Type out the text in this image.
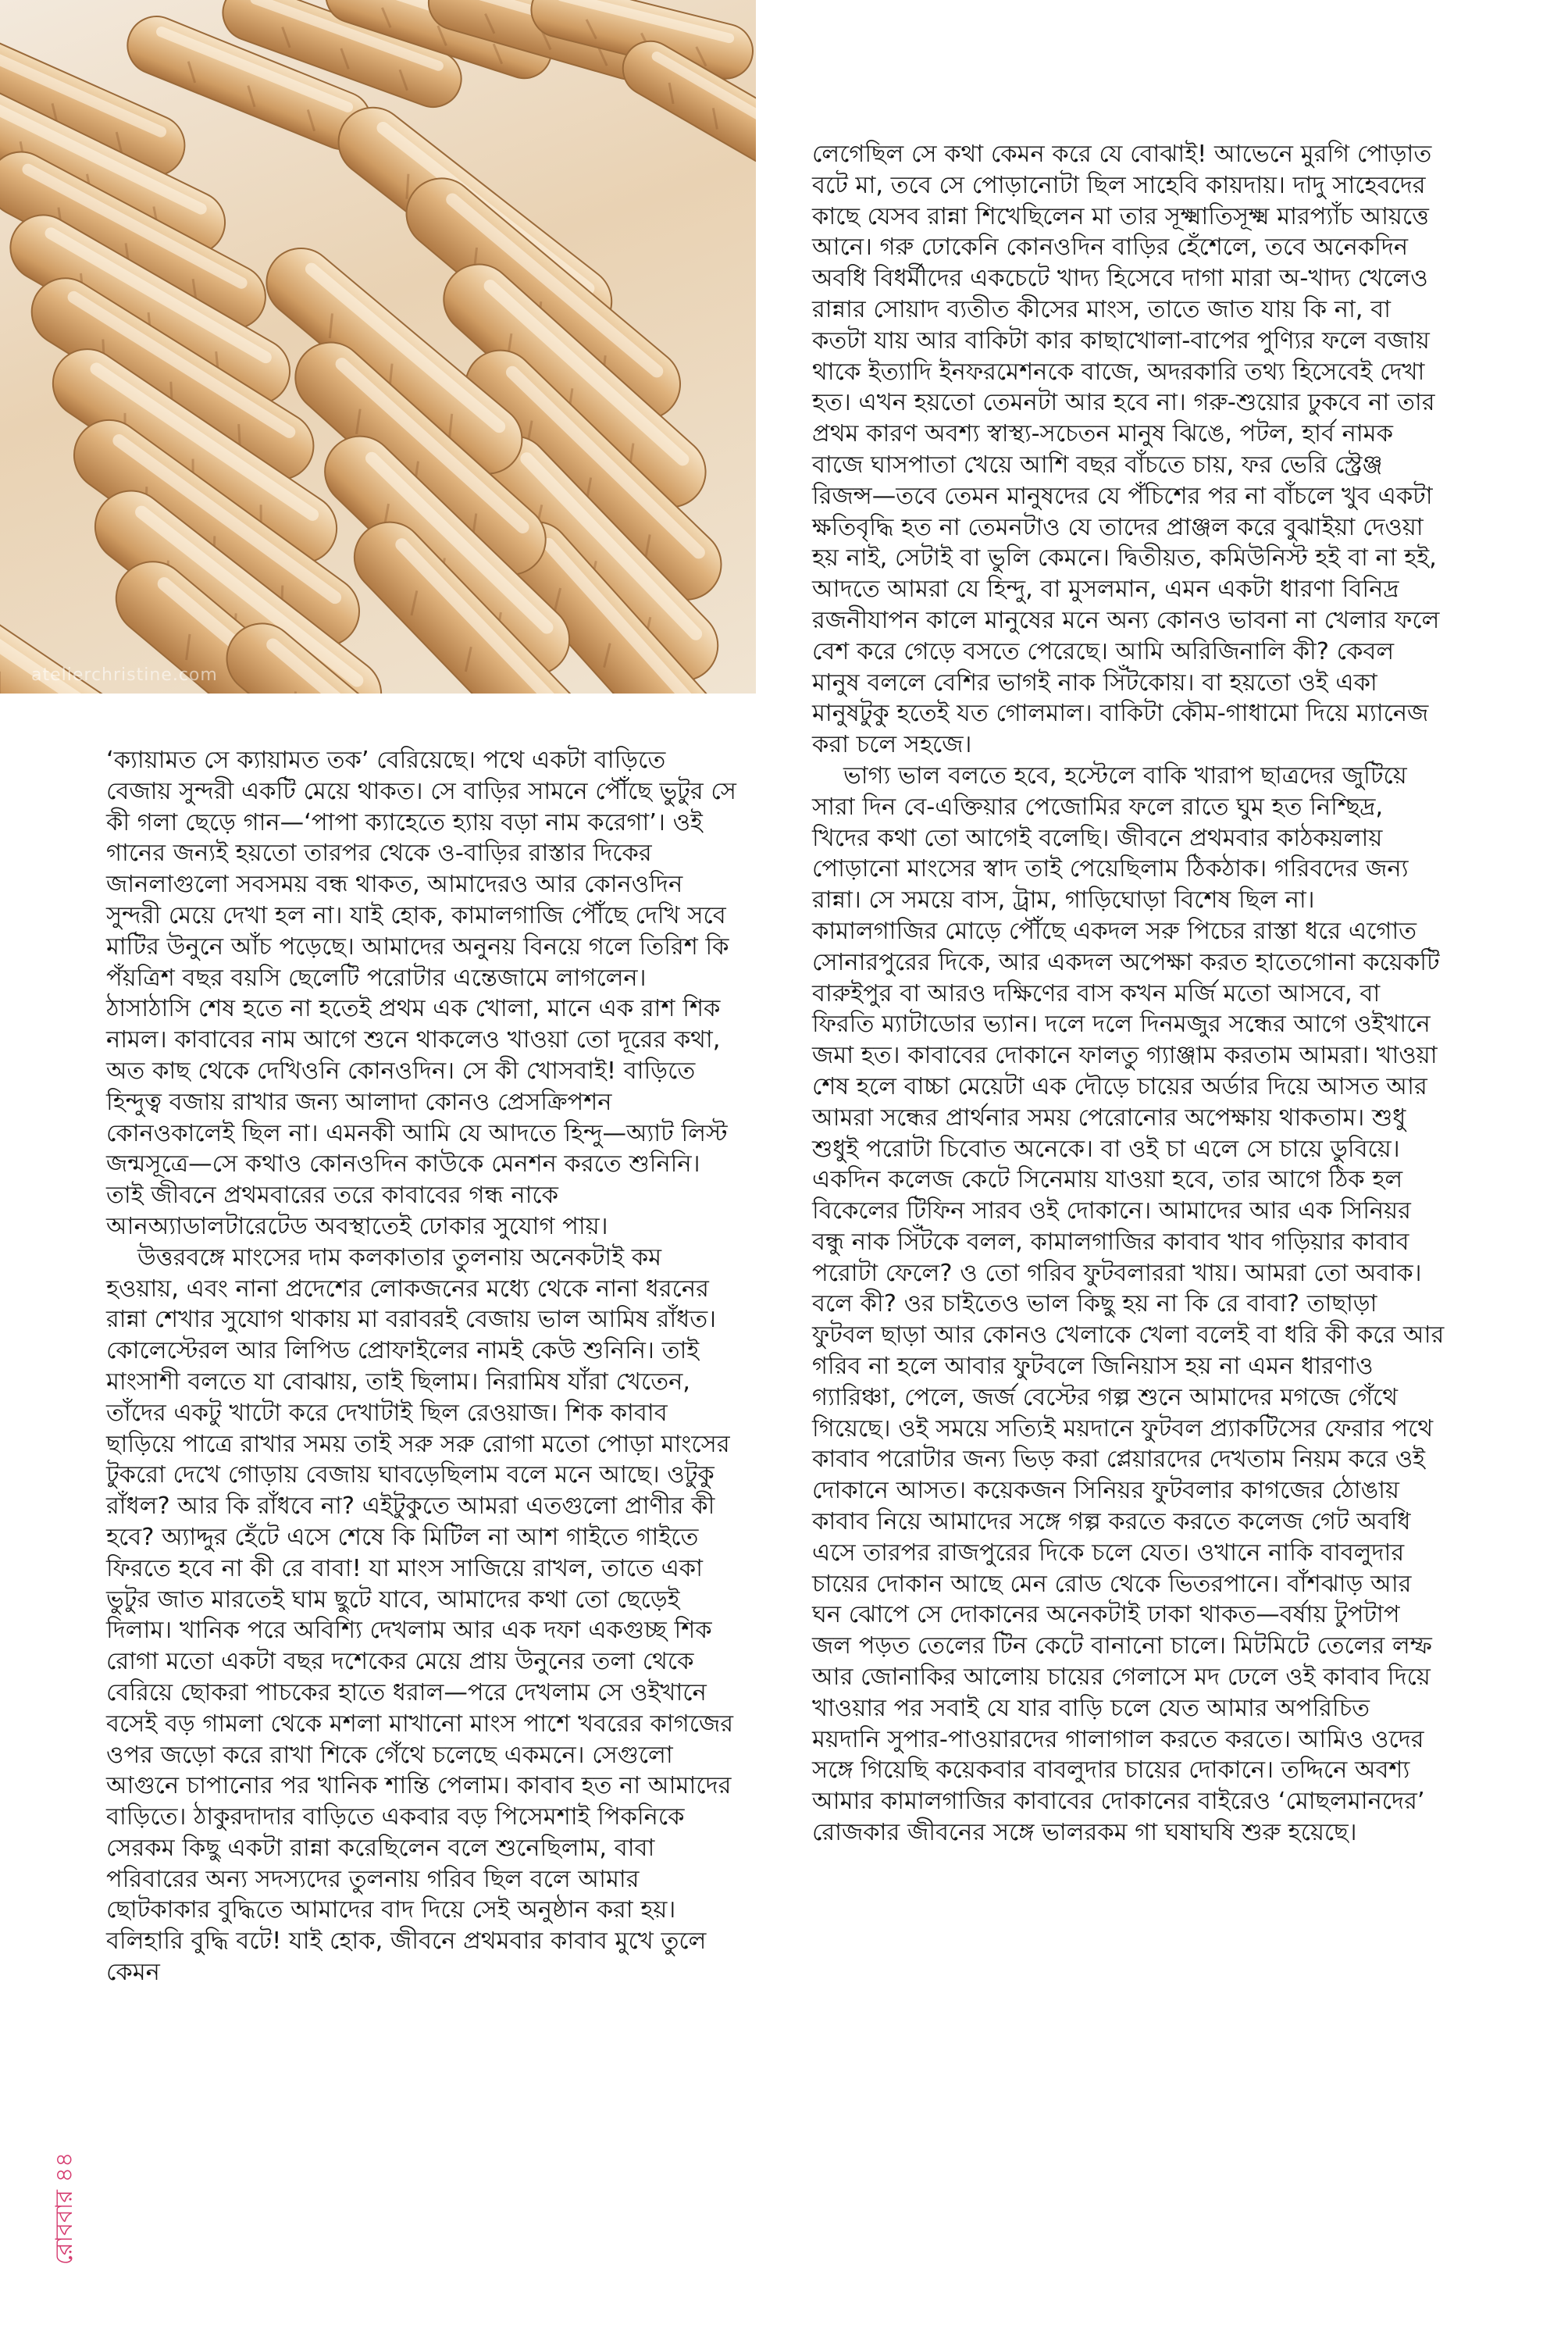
atelierchristine.com

‘ক্যায়ামত সে ক্যায়ামত তক’ বেরিয়েছে। পথে একটা বাড়িতে বেজায় সুন্দরী একটি মেয়ে থাকত। সে বাড়ির সামনে পৌঁছে ভুটুর সে কী গলা ছেড়ে গান—‘পাপা ক্যাহেতে হ্যায় বড়া নাম করেগা’। ওই গানের জন্যই হয়তো তারপর থেকে ও-বাড়ির রাস্তার দিকের জানলাগুলো সবসময় বন্ধ থাকত, আমাদেরও আর কোনওদিন সুন্দরী মেয়ে দেখা হল না। যাই হোক, কামালগাজি পৌঁছে দেখি সবে মাটির উনুনে আঁচ পড়েছে। আমাদের অনুনয় বিনয়ে গলে তিরিশ কি পঁয়ত্রিশ বছর বয়সি ছেলেটি পরোটার এন্তেজামে লাগলেন। ঠাসাঠাসি শেষ হতে না হতেই প্রথম এক খোলা, মানে এক রাশ শিক নামল। কাবাবের নাম আগে শুনে থাকলেও খাওয়া তো দূরের কথা, অত কাছ থেকে দেখিওনি কোনওদিন। সে কী খোসবাই! বাড়িতে হিন্দুত্ব বজায় রাখার জন্য আলাদা কোনও প্রেসক্রিপশন কোনওকালেই ছিল না। এমনকী আমি যে আদতে হিন্দু—অ্যাট লিস্ট জন্মসূত্রে—সে কথাও কোনওদিন কাউকে মেনশন করতে শুনিনি। তাই জীবনে প্রথমবারের তরে কাবাবের গন্ধ নাকে আনঅ্যাডালটারেটেড অবস্থাতেই ঢোকার সুযোগ পায়।

উত্তরবঙ্গে মাংসের দাম কলকাতার তুলনায় অনেকটাই কম হওয়ায়, এবং নানা প্রদেশের লোকজনের মধ্যে থেকে নানা ধরনের রান্না শেখার সুযোগ থাকায় মা বরাবরই বেজায় ভাল আমিষ রাঁধত। কোলেস্টেরল আর লিপিড প্রোফাইলের নামই কেউ শুনিনি। তাই মাংসাশী বলতে যা বোঝায়, তাই ছিলাম। নিরামিষ যাঁরা খেতেন, তাঁদের একটু খাটো করে দেখাটাই ছিল রেওয়াজ। শিক কাবাব ছাড়িয়ে পাত্রে রাখার সময় তাই সরু সরু রোগা মতো পোড়া মাংসের টুকরো দেখে গোড়ায় বেজায় ঘাবড়েছিলাম বলে মনে আছে। ওটুকু রাঁধল? আর কি রাঁধবে না? এইটুকুতে আমরা এতগুলো প্রাণীর কী হবে? অ্যাদ্দুর হেঁটে এসে শেষে কি মিটিল না আশ গাইতে গাইতে ফিরতে হবে না কী রে বাবা! যা মাংস সাজিয়ে রাখল, তাতে একা ভুটুর জাত মারতেই ঘাম ছুটে যাবে, আমাদের কথা তো ছেড়েই দিলাম। খানিক পরে অবিশ্যি দেখলাম আর এক দফা একগুচ্ছ শিক রোগা মতো একটা বছর দশেকের মেয়ে প্রায় উনুনের তলা থেকে বেরিয়ে ছোকরা পাচকের হাতে ধরাল—পরে দেখলাম সে ওইখানে বসেই বড় গামলা থেকে মশলা মাখানো মাংস পাশে খবরের কাগজের ওপর জড়ো করে রাখা শিকে গেঁথে চলেছে একমনে। সেগুলো আগুনে চাপানোর পর খানিক শান্তি পেলাম। কাবাব হত না আমাদের বাড়িতে। ঠাকুরদাদার বাড়িতে একবার বড় পিসেমশাই পিকনিকে সেরকম কিছু একটা রান্না করেছিলেন বলে শুনেছিলাম, বাবা পরিবারের অন্য সদস্যদের তুলনায় গরিব ছিল বলে আমার ছোটকাকার বুদ্ধিতে আমাদের বাদ দিয়ে সেই অনুষ্ঠান করা হয়। বলিহারি বুদ্ধি বটে! যাই হোক, জীবনে প্রথমবার কাবাব মুখে তুলে কেমন

লেগেছিল সে কথা কেমন করে যে বোঝাই! আভেনে মুরগি পোড়াত বটে মা, তবে সে পোড়ানোটা ছিল সাহেবি কায়দায়। দাদু সাহেবদের কাছে যেসব রান্না শিখেছিলেন মা তার সূক্ষ্মাতিসূক্ষ্ম মারপ্যাঁচ আয়ত্তে আনে। গরু ঢোকেনি কোনওদিন বাড়ির হেঁশেলে, তবে অনেকদিন অবধি বিধর্মীদের একচেটে খাদ্য হিসেবে দাগা মারা অ-খাদ্য খেলেও রান্নার সোয়াদ ব্যতীত কীসের মাংস, তাতে জাত যায় কি না, বা কতটা যায় আর বাকিটা কার কাছাখোলা-বাপের পুণ্যির ফলে বজায় থাকে ইত্যাদি ইনফরমেশনকে বাজে, অদরকারি তথ্য হিসেবেই দেখা হত। এখন হয়তো তেমনটা আর হবে না। গরু-শুয়োর ঢুকবে না তার প্রথম কারণ অবশ্য স্বাস্থ্য-সচেতন মানুষ ঝিঙে, পটল, হার্ব নামক বাজে ঘাসপাতা খেয়ে আশি বছর বাঁচতে চায়, ফর ভেরি স্ট্রেঞ্জ রিজন্স—তবে তেমন মানুষদের যে পঁচিশের পর না বাঁচলে খুব একটা ক্ষতিবৃদ্ধি হত না তেমনটাও যে তাদের প্রাঞ্জল করে বুঝাইয়া দেওয়া হয় নাই, সেটাই বা ভুলি কেমনে। দ্বিতীয়ত, কমিউনিস্ট হই বা না হই, আদতে আমরা যে হিন্দু, বা মুসলমান, এমন একটা ধারণা বিনিদ্র রজনীযাপন কালে মানুষের মনে অন্য কোনও ভাবনা না খেলার ফলে বেশ করে গেড়ে বসতে পেরেছে। আমি অরিজিনালি কী? কেবল মানুষ বললে বেশির ভাগই নাক সিঁটকোয়। বা হয়তো ওই একা মানুষটুকু হতেই যত গোলমাল। বাকিটা কৌম-গাধামো দিয়ে ম্যানেজ করা চলে সহজে।

ভাগ্য ভাল বলতে হবে, হস্টেলে বাকি খারাপ ছাত্রদের জুটিয়ে সারা দিন বে-এক্তিয়ার পেজোমির ফলে রাতে ঘুম হত নিশ্ছিদ্র, খিদের কথা তো আগেই বলেছি। জীবনে প্রথমবার কাঠকয়লায় পোড়ানো মাংসের স্বাদ তাই পেয়েছিলাম ঠিকঠাক। গরিবদের জন্য রান্না। সে সময়ে বাস, ট্রাম, গাড়িঘোড়া বিশেষ ছিল না। কামালগাজির মোড়ে পৌঁছে একদল সরু পিচের রাস্তা ধরে এগোত সোনারপুরের দিকে, আর একদল অপেক্ষা করত হাতেগোনা কয়েকটি বারুইপুর বা আরও দক্ষিণের বাস কখন মর্জি মতো আসবে, বা ফিরতি ম্যাটাডোর ভ্যান। দলে দলে দিনমজুর সন্ধের আগে ওইখানে জমা হত। কাবাবের দোকানে ফালতু গ্যাঞ্জাম করতাম আমরা। খাওয়া শেষ হলে বাচ্চা মেয়েটা এক দৌড়ে চায়ের অর্ডার দিয়ে আসত আর আমরা সন্ধের প্রার্থনার সময় পেরোনোর অপেক্ষায় থাকতাম। শুধু শুধুই পরোটা চিবোত অনেকে। বা ওই চা এলে সে চায়ে ডুবিয়ে। একদিন কলেজ কেটে সিনেমায় যাওয়া হবে, তার আগে ঠিক হল বিকেলের টিফিন সারব ওই দোকানে। আমাদের আর এক সিনিয়র বন্ধু নাক সিঁটকে বলল, কামালগাজির কাবাব খাব গড়িয়ার কাবাব পরোটা ফেলে? ও তো গরিব ফুটবলাররা খায়। আমরা তো অবাক। বলে কী? ওর চাইতেও ভাল কিছু হয় না কি রে বাবা? তাছাড়া ফুটবল ছাড়া আর কোনও খেলাকে খেলা বলেই বা ধরি কী করে আর গরিব না হলে আবার ফুটবলে জিনিয়াস হয় না এমন ধারণাও গ্যারিঞ্চা, পেলে, জর্জ বেস্টের গল্প শুনে আমাদের মগজে গেঁথে গিয়েছে। ওই সময়ে সত্যিই ময়দানে ফুটবল প্র্যাকটিসের ফেরার পথে কাবাব পরোটার জন্য ভিড় করা প্লেয়ারদের দেখতাম নিয়ম করে ওই দোকানে আসত। কয়েকজন সিনিয়র ফুটবলার কাগজের ঠোঙায় কাবাব নিয়ে আমাদের সঙ্গে গল্প করতে করতে কলেজ গেট অবধি এসে তারপর রাজপুরের দিকে চলে যেত। ওখানে নাকি বাবলুদার চায়ের দোকান আছে মেন রোড থেকে ভিতরপানে। বাঁশঝাড় আর ঘন ঝোপে সে দোকানের অনেকটাই ঢাকা থাকত—বর্ষায় টুপটাপ জল পড়ত তেলের টিন কেটে বানানো চালে। মিটমিটে তেলের লম্ফ আর জোনাকির আলোয় চায়ের গেলাসে মদ ঢেলে ওই কাবাব দিয়ে খাওয়ার পর সবাই যে যার বাড়ি চলে যেত আমার অপরিচিত ময়দানি সুপার-পাওয়ারদের গালাগাল করতে করতে। আমিও ওদের সঙ্গে গিয়েছি কয়েকবার বাবলুদার চায়ের দোকানে। তদ্দিনে অবশ্য আমার কামালগাজির কাবাবের দোকানের বাইরেও ‘মোছলমানদের’ রোজকার জীবনের সঙ্গে ভালরকম গা ঘষাঘষি শুরু হয়েছে।

রোববার ৪৪
